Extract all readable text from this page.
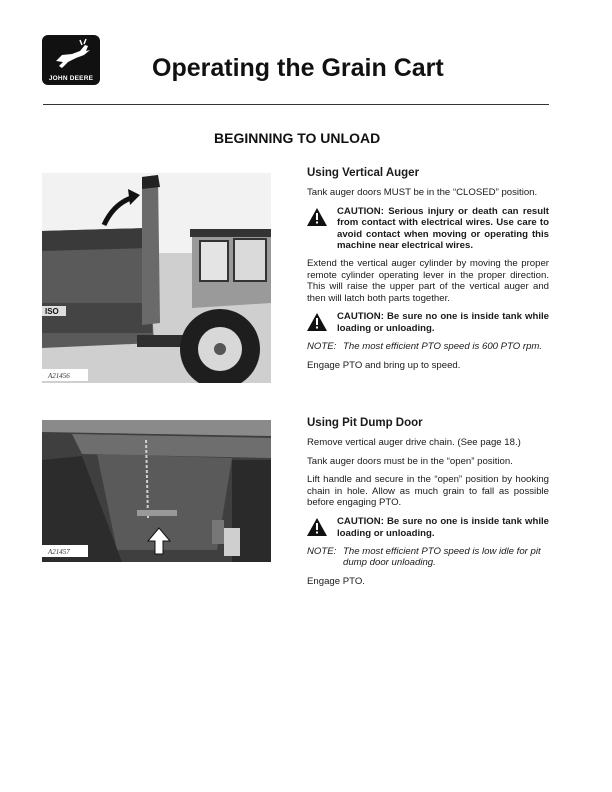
JOHN DEERE Operating the Grain Cart
BEGINNING TO UNLOAD
ISO
A21456
A21457
Using Vertical Auger
Tank auger doors MUST be in the “CLOSED” position.
CAUTION: Serious injury or death can result from contact with electrical wires. Use care to avoid contact when moving or operating this machine near electrical wires.
Extend the vertical auger cylinder by moving the proper remote cylinder operating lever in the proper direction. This will raise the upper part of the vertical auger and then will latch both parts together.
CAUTION: Be sure no one is inside tank while loading or unloading.
NOTE: The most efficient PTO speed is 600 PTO rpm.
Engage PTO and bring up to speed.
Using Pit Dump Door
Remove vertical auger drive chain. (See page 18.)
Tank auger doors must be in the “open” position.
Lift handle and secure in the “open” position by hooking chain in hole. Allow as much grain to fall as possible before engaging PTO.
CAUTION: Be sure no one is inside tank while loading or unloading.
NOTE: The most efficient PTO speed is low idle for pit dump door unloading.
Engage PTO.
